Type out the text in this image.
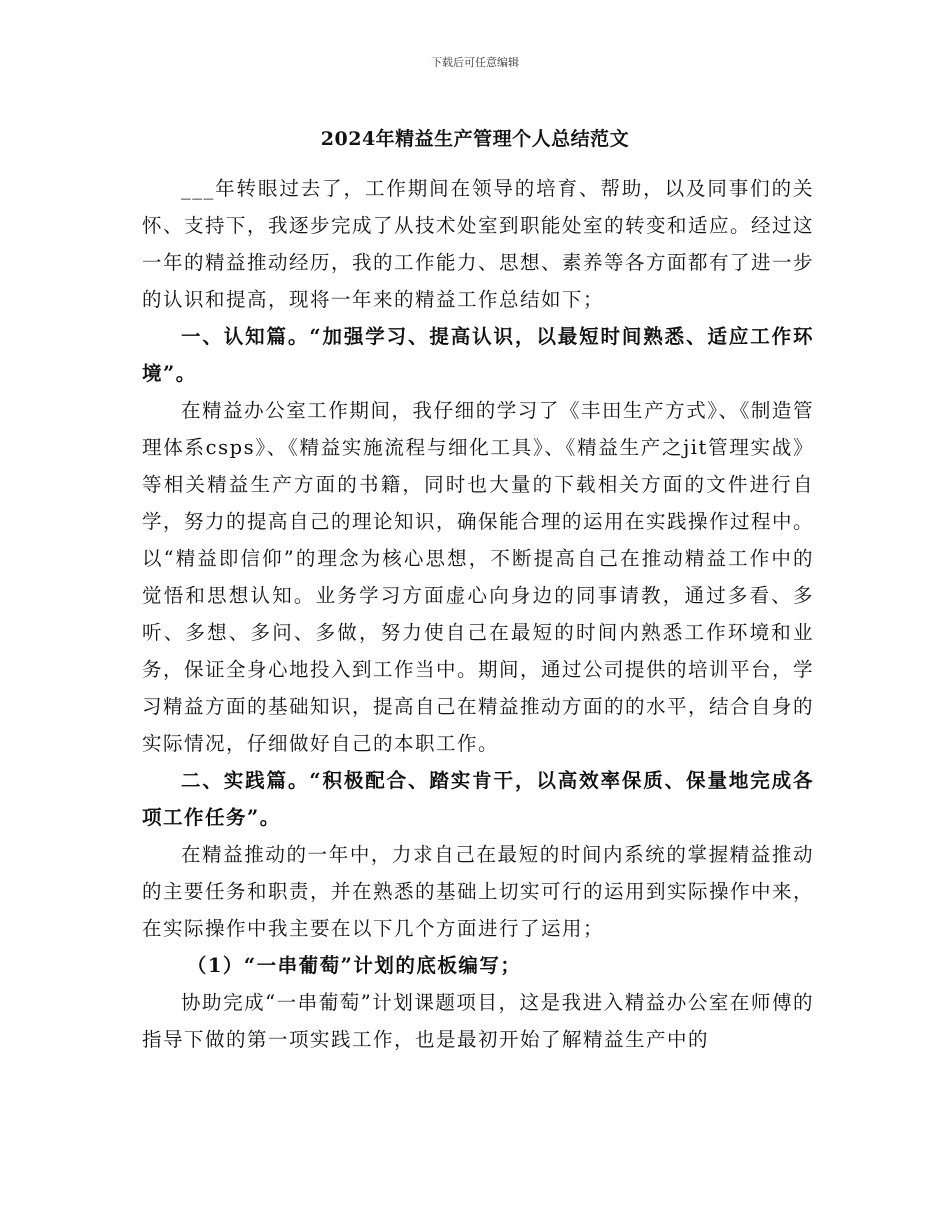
下载后可任意编辑
2024年精益生产管理个人总结范文

___年转眼过去了，工作期间在领导的培育、帮助，以及同事们的关怀、支持下，我逐步完成了从技术处室到职能处室的转变和适应。经过这一年的精益推动经历，我的工作能力、思想、素养等各方面都有了进一步的认识和提高，现将一年来的精益工作总结如下；

一、认知篇。“加强学习、提高认识，以最短时间熟悉、适应工作环境”。

在精益办公室工作期间，我仔细的学习了《丰田生产方式》、《制造管理体系csps》、《精益实施流程与细化工具》、《精益生产之jit管理实战》等相关精益生产方面的书籍，同时也大量的下载相关方面的文件进行自学，努力的提高自己的理论知识，确保能合理的运用在实践操作过程中。以“精益即信仰”的理念为核心思想，不断提高自己在推动精益工作中的觉悟和思想认知。业务学习方面虚心向身边的同事请教，通过多看、多听、多想、多问、多做，努力使自己在最短的时间内熟悉工作环境和业务，保证全身心地投入到工作当中。期间，通过公司提供的培训平台，学习精益方面的基础知识，提高自己在精益推动方面的的水平，结合自身的实际情况，仔细做好自己的本职工作。

二、实践篇。“积极配合、踏实肯干，以高效率保质、保量地完成各项工作任务”。

在精益推动的一年中，力求自己在最短的时间内系统的掌握精益推动的主要任务和职责，并在熟悉的基础上切实可行的运用到实际操作中来，在实际操作中我主要在以下几个方面进行了运用；

（1）“一串葡萄”计划的底板编写；

协助完成“一串葡萄”计划课题项目，这是我进入精益办公室在师傅的指导下做的第一项实践工作，也是最初开始了解精益生产中的
